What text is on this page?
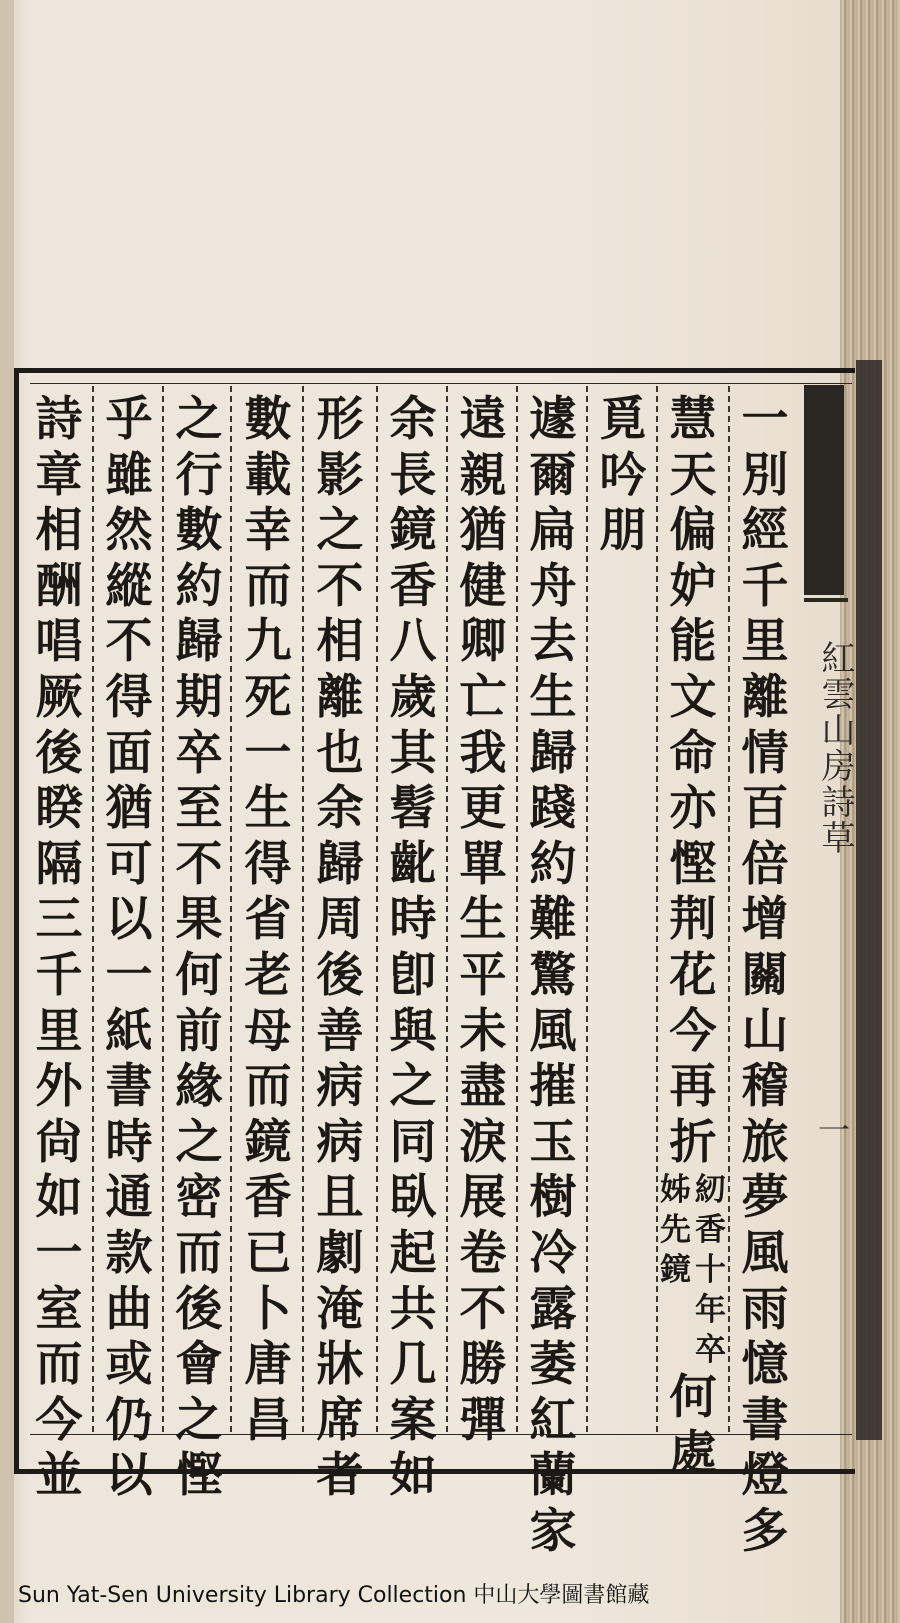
紅雲山房詩草
一
一
別
經
千
里
離
情
百
倍
增
關
山
稽
旅
夢
風
雨
憶
書
燈
多
慧
天
偏
妒
能
文
命
亦
慳
荆
花
今
再
折
紉
香
十
年
卒
姊
先
鏡
何
處
覓
吟
朋
遽
爾
扁
舟
去
生
歸
踐
約
難
驚
風
摧
玉
樹
冷
露
萎
紅
蘭
家
遠
親
猶
健
卿
亡
我
更
單
生
平
未
盡
淚
展
卷
不
勝
彈
余
長
鏡
香
八
歲
其
髫
齔
時
卽
與
之
同
臥
起
共
几
案
如
形
影
之
不
相
離
也
余
歸
周
後
善
病
病
且
劇
淹
牀
席
者
數
載
幸
而
九
死
一
生
得
省
老
母
而
鏡
香
已
卜
唐
昌
之
行
數
約
歸
期
卒
至
不
果
何
前
緣
之
密
而
後
會
之
慳
乎
雖
然
縱
不
得
面
猶
可
以
一
紙
書
時
通
款
曲
或
仍
以
詩
章
相
酬
唱
厥
後
睽
隔
三
千
里
外
尙
如
一
室
而
今
並
Sun Yat-Sen University Library Collection 中山大學圖書館藏
